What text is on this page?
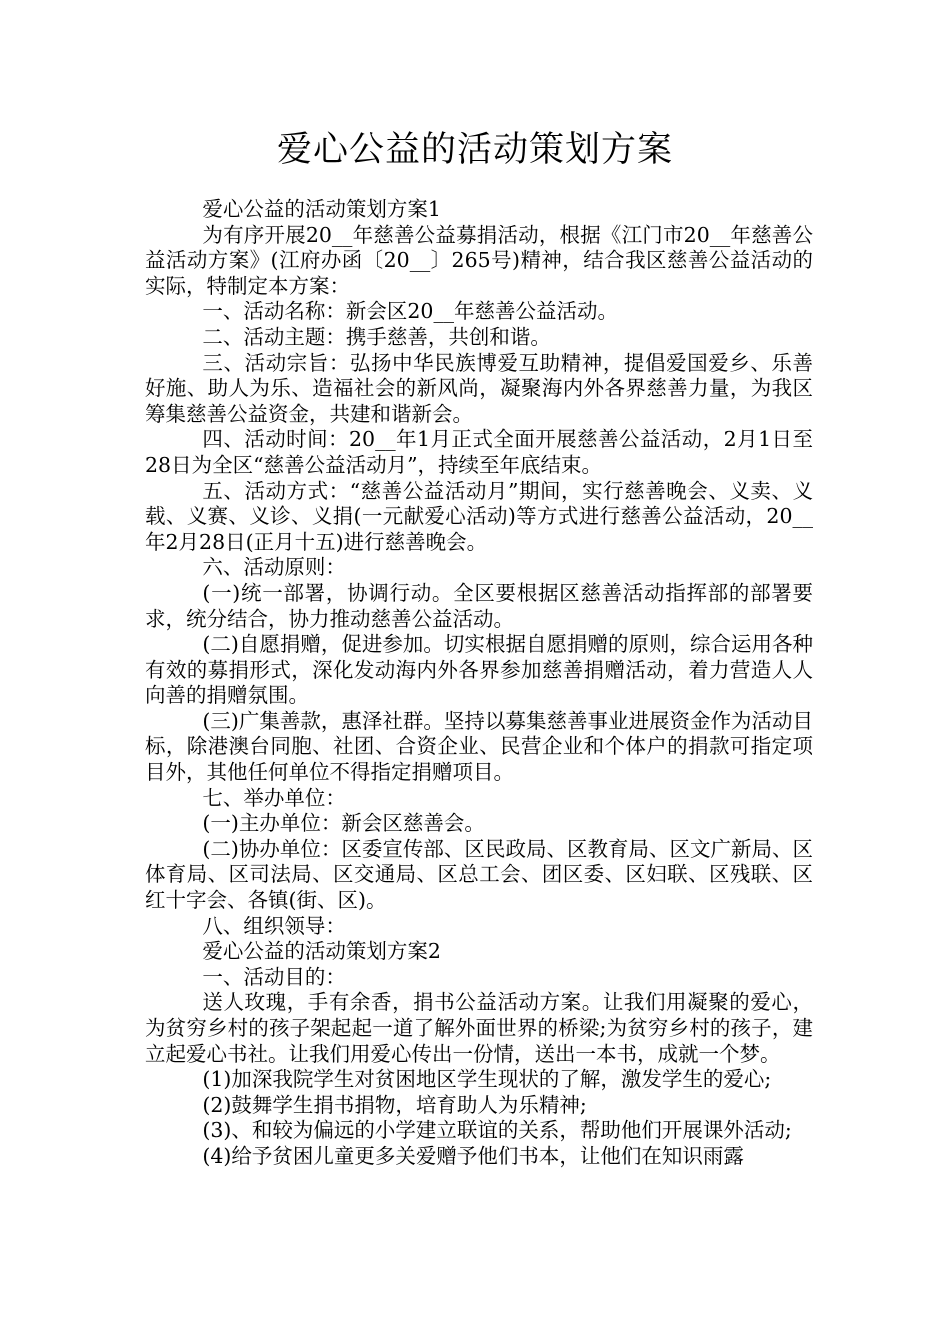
爱心公益的活动策划方案

爱心公益的活动策划方案1

为有序开展20__年慈善公益募捐活动，根据《江门市20__年慈善公益活动方案》(江府办函〔20__〕265号)精神，结合我区慈善公益活动的实际，特制定本方案：

一、活动名称：新会区20__年慈善公益活动。

二、活动主题：携手慈善，共创和谐。

三、活动宗旨：弘扬中华民族博爱互助精神，提倡爱国爱乡、乐善好施、助人为乐、造福社会的新风尚，凝聚海内外各界慈善力量，为我区筹集慈善公益资金，共建和谐新会。

四、活动时间：20__年1月正式全面开展慈善公益活动，2月1日至28日为全区“慈善公益活动月”，持续至年底结束。

五、活动方式：“慈善公益活动月”期间，实行慈善晚会、义卖、义载、义赛、义诊、义捐(一元献爱心活动)等方式进行慈善公益活动，20__年2月28日(正月十五)进行慈善晚会。

六、活动原则：

(一)统一部署，协调行动。全区要根据区慈善活动指挥部的部署要求，统分结合，协力推动慈善公益活动。

(二)自愿捐赠，促进参加。切实根据自愿捐赠的原则，综合运用各种有效的募捐形式，深化发动海内外各界参加慈善捐赠活动，着力营造人人向善的捐赠氛围。

(三)广集善款，惠泽社群。坚持以募集慈善事业进展资金作为活动目标，除港澳台同胞、社团、合资企业、民营企业和个体户的捐款可指定项目外，其他任何单位不得指定捐赠项目。

七、举办单位：

(一)主办单位：新会区慈善会。

(二)协办单位：区委宣传部、区民政局、区教育局、区文广新局、区体育局、区司法局、区交通局、区总工会、团区委、区妇联、区残联、区红十字会、各镇(街、区)。

八、组织领导：

爱心公益的活动策划方案2

一、活动目的：

送人玫瑰，手有余香，捐书公益活动方案。让我们用凝聚的爱心，为贫穷乡村的孩子架起起一道了解外面世界的桥梁;为贫穷乡村的孩子，建立起爱心书社。让我们用爱心传出一份情，送出一本书，成就一个梦。

(1)加深我院学生对贫困地区学生现状的了解，激发学生的爱心;

(2)鼓舞学生捐书捐物，培育助人为乐精神;

(3)、和较为偏远的小学建立联谊的关系，帮助他们开展课外活动;

(4)给予贫困儿童更多关爱赠予他们书本，让他们在知识雨露
